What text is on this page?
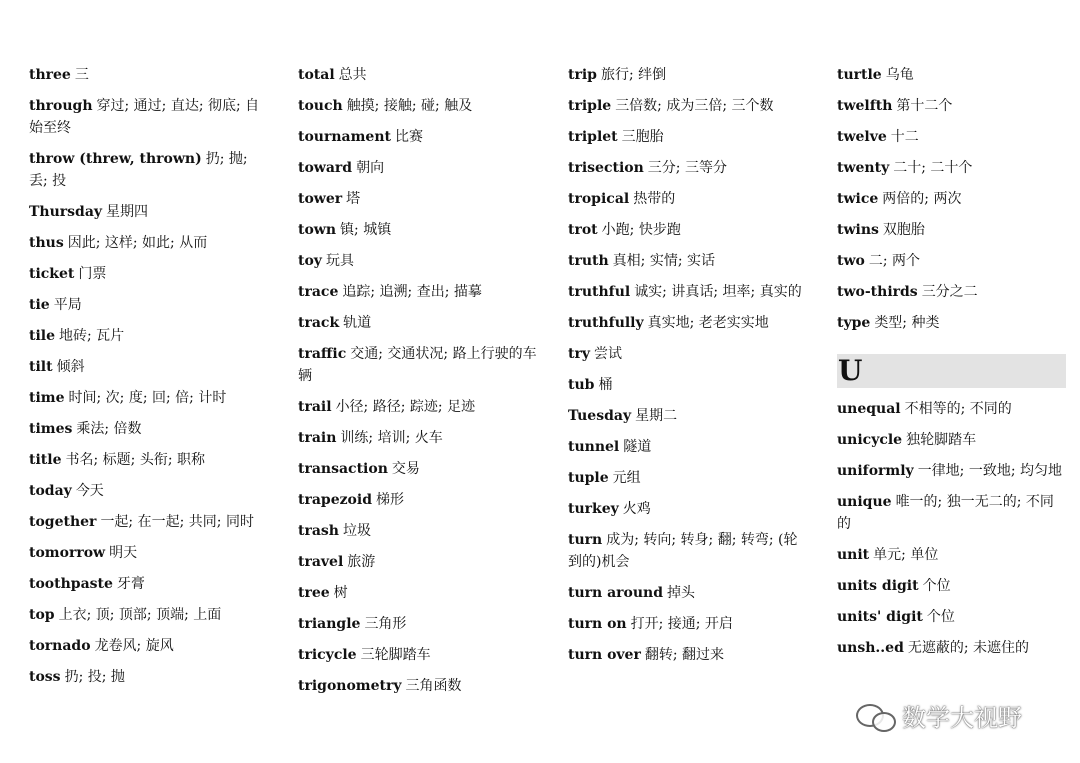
three 三
through 穿过; 通过; 直达; 彻底; 自始至终
throw (threw, thrown) 扔; 抛; 丢; 投
Thursday 星期四
thus 因此; 这样; 如此; 从而
ticket 门票
tie 平局
tile 地砖; 瓦片
tilt 倾斜
time 时间; 次; 度; 回; 倍; 计时
times 乘法; 倍数
title 书名; 标题; 头衔; 职称
today 今天
together 一起; 在一起; 共同; 同时
tomorrow 明天
toothpaste 牙膏
top 上衣; 顶; 顶部; 顶端; 上面
tornado 龙卷风; 旋风
toss 扔; 投; 抛
total 总共
touch 触摸; 接触; 碰; 触及
tournament 比赛
toward 朝向
tower 塔
town 镇; 城镇
toy 玩具
trace 追踪; 追溯; 查出; 描摹
track 轨道
traffic 交通; 交通状况; 路上行驶的车辆
trail 小径; 路径; 踪迹; 足迹
train 训练; 培训; 火车
transaction 交易
trapezoid 梯形
trash 垃圾
travel 旅游
tree 树
triangle 三角形
tricycle 三轮脚踏车
trigonometry 三角函数
trip 旅行; 绊倒
triple 三倍数; 成为三倍; 三个数
triplet 三胞胎
trisection 三分; 三等分
tropical 热带的
trot 小跑; 快步跑
truth 真相; 实情; 实话
truthful 诚实; 讲真话; 坦率; 真实的
truthfully 真实地; 老老实实地
try 尝试
tub 桶
Tuesday 星期二
tunnel 隧道
tuple 元组
turkey 火鸡
turn 成为; 转向; 转身; 翻; 转弯; (轮到的)机会
turn around 掉头
turn on 打开; 接通; 开启
turn over 翻转; 翻过来
turtle 乌龟
twelfth 第十二个
twelve 十二
twenty 二十; 二十个
twice 两倍的; 两次
twins 双胞胎
two 二; 两个
two-thirds 三分之二
type 类型; 种类
U
unequal 不相等的; 不同的
unicycle 独轮脚踏车
uniformly 一律地; 一致地; 均匀地
unique 唯一的; 独一无二的; 不同的
unit 单元; 单位
units digit 个位
units' digit 个位
unsh..ed 无遮蔽的; 未遮住的
数学大视野
